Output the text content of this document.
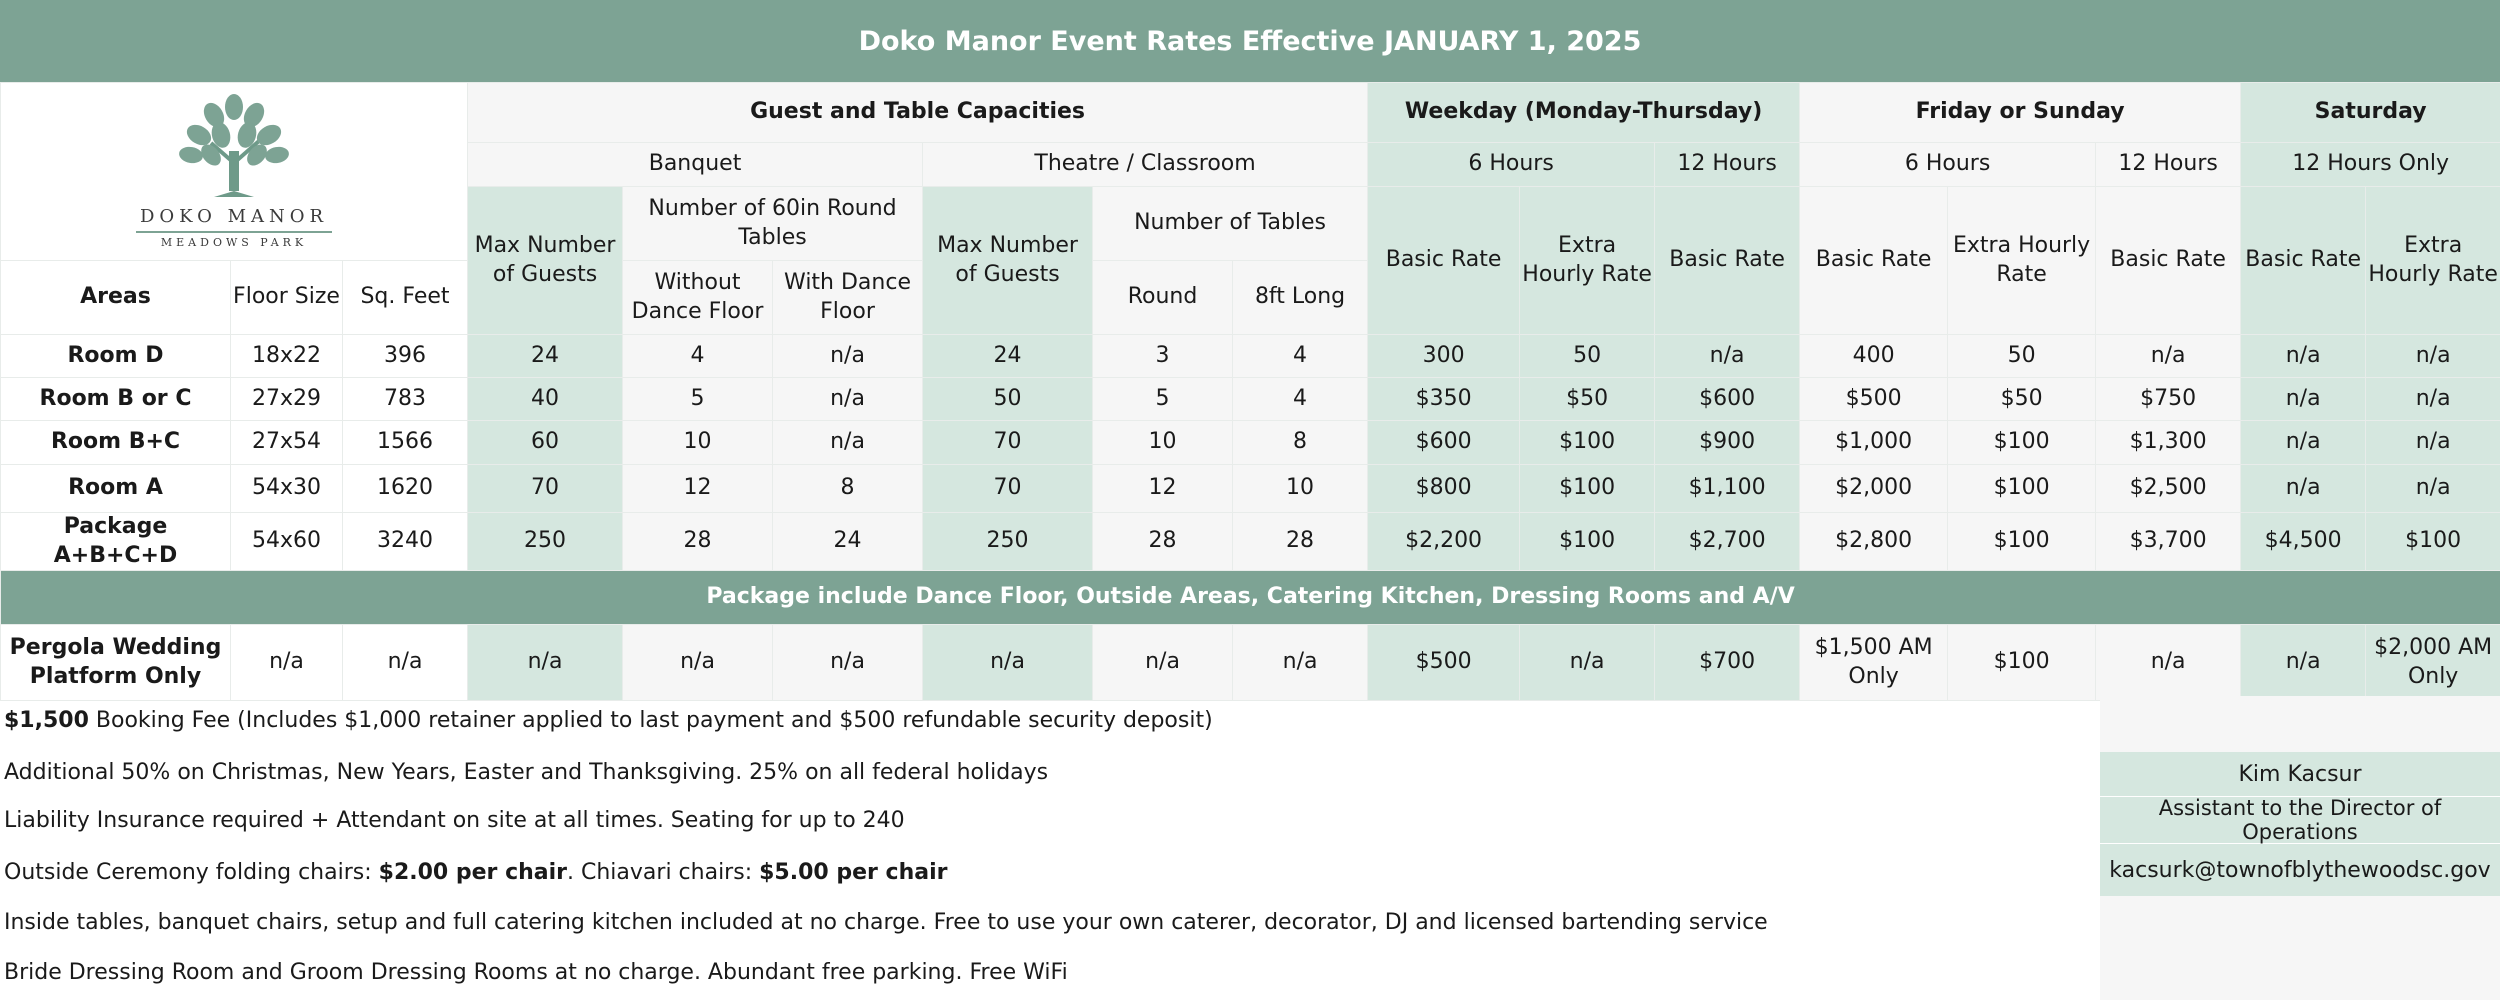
Doko Manor Event Rates Effective JANUARY 1, 2025
DOKO MANOR
MEADOWS PARK			Guest and Table Capacities						Weekday (Monday-Thursday)			Friday or Sunday			Saturday	
			Banquet			Theatre / Classroom			6 Hours		12 Hours	6 Hours		12 Hours	12 Hours Only	
			Max Number of Guests	Number of 60in Round Tables		Max Number of Guests	Number of Tables		Basic Rate	Extra Hourly Rate	Basic Rate	Basic Rate	Extra Hourly Rate	Basic Rate	Basic Rate	Extra Hourly Rate
Areas	Floor Size	Sq. Feet		Without Dance Floor	With Dance Floor		Round	8ft Long								
Room D	18x22	396	24	4	n/a	24	3	4	300	50	n/a	400	50	n/a	n/a	n/a
Room B or C	27x29	783	40	5	n/a	50	5	4	$350	$50	$600	$500	$50	$750	n/a	n/a
Room B+C	27x54	1566	60	10	n/a	70	10	8	$600	$100	$900	$1,000	$100	$1,300	n/a	n/a
Room A	54x30	1620	70	12	8	70	12	10	$800	$100	$1,100	$2,000	$100	$2,500	n/a	n/a
Package A+B+C+D	54x60	3240	250	28	24	250	28	28	$2,200	$100	$2,700	$2,800	$100	$3,700	$4,500	$100
Package include Dance Floor, Outside Areas, Catering Kitchen, Dressing Rooms and A/V																
Pergola Wedding Platform Only	n/a	n/a	n/a	n/a	n/a	n/a	n/a	n/a	$500	n/a	$700	$1,500 AM Only	$100	n/a	n/a	$2,000 AM Only
$1,500 Booking Fee (Includes $1,000 retainer applied to last payment and $500 refundable security deposit)
Additional 50% on Christmas, New Years, Easter and Thanksgiving. 25% on all federal holidays
Liability Insurance required + Attendant on site at all times. Seating for up to 240
Outside Ceremony folding chairs: $2.00 per chair. Chiavari chairs: $5.00 per chair
Inside tables, banquet chairs, setup and full catering kitchen included at no charge. Free to use your own caterer, decorator, DJ and licensed bartending service
Bride Dressing Room and Groom Dressing Rooms at no charge. Abundant free parking. Free WiFi
Kim Kacsur
Assistant to the Director of Operations
kacsurk@townofblythewoodsc.gov
